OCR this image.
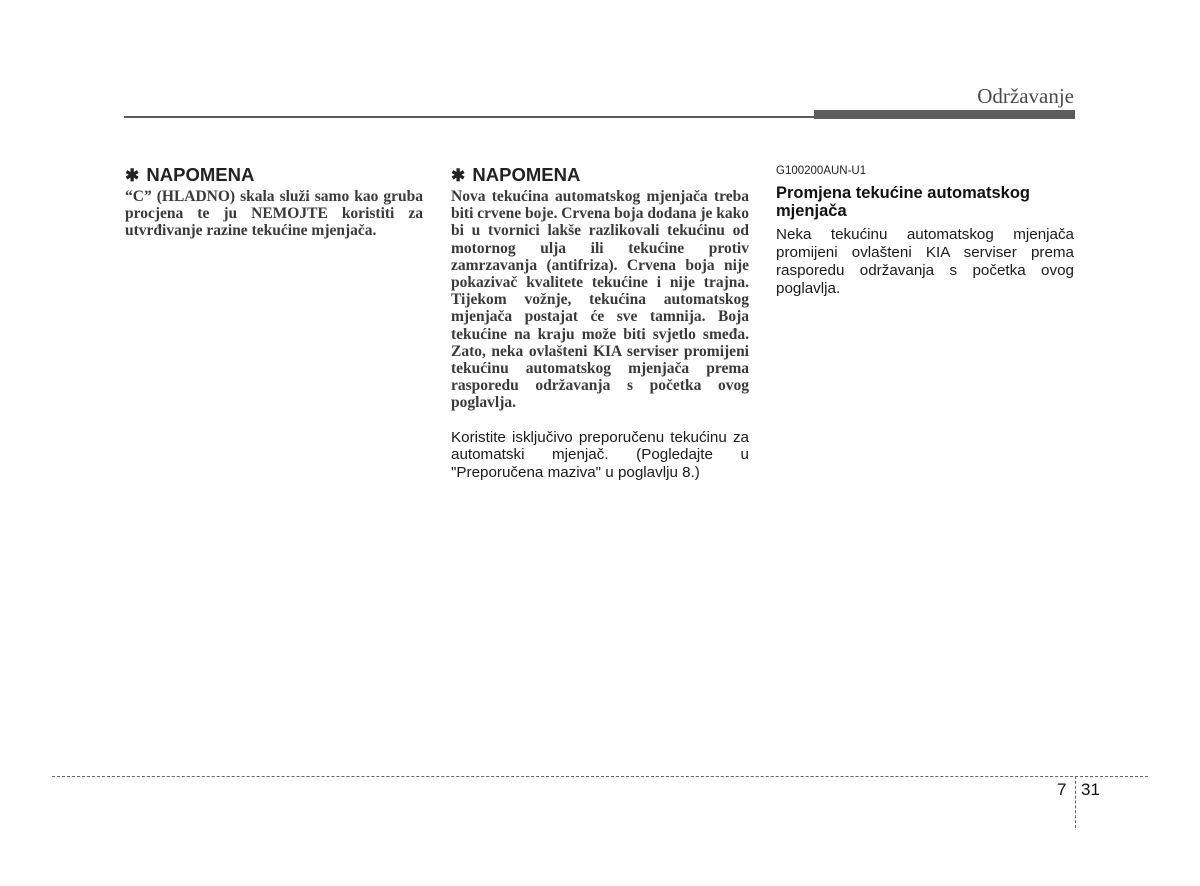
Održavanje
✱ NAPOMENA

“C” (HLADNO) skala služi samo kao gruba procjena te ju NEMOJTE koristiti za utvrđivanje razine tekućine mjenjača.

✱ NAPOMENA

Nova tekućina automatskog mjenjača treba biti crvene boje. Crvena boja dodana je kako bi u tvornici lakše razlikovali tekućinu od motornog ulja ili tekućine protiv zamrzavanja (antifriza). Crvena boja nije pokazivač kvalitete tekućine i nije trajna. Tijekom vožnje, tekućina automatskog mjenjača postajat će sve tamnija. Boja tekućine na kraju može biti svjetlo smeđa. Zato, neka ovlašteni KIA serviser promijeni tekućinu automatskog mjenjača prema rasporedu održavanja s početka ovog poglavlja.

Koristite isključivo preporučenu tekućinu za automatski mjenjač. (Pogledajte u "Preporučena maziva" u poglavlju 8.)

G100200AUN-U1

Promjena tekućine automatskog mjenjača

Neka tekućinu automatskog mjenjača promijeni ovlašteni KIA serviser prema rasporedu održavanja s početka ovog poglavlja.

7 31
